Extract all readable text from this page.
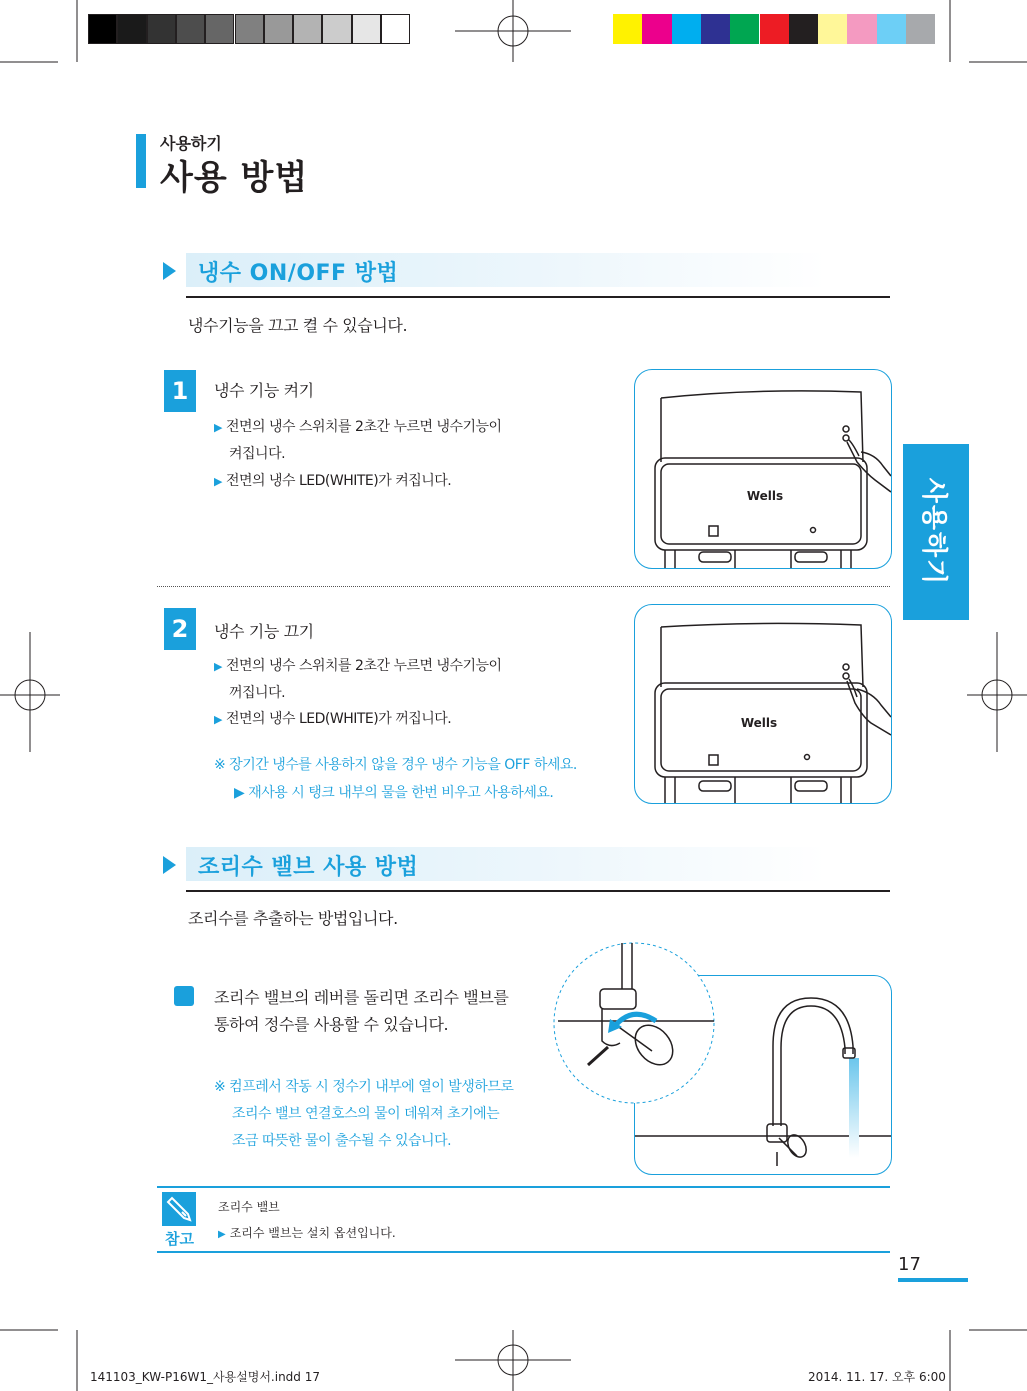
사용하기
사용 방법
사용하기
냉수 ON/OFF 방법
냉수기능을 끄고 켤 수 있습니다.
1	냉수 기능 켜기
▶ 전면의 냉수 스위치를 2초간 누르면 냉수기능이
켜집니다.
▶ 전면의 냉수 LED(WHITE)가 켜집니다.
Wells
2	냉수 기능 끄기
▶ 전면의 냉수 스위치를 2초간 누르면 냉수기능이
꺼집니다.
▶ 전면의 냉수 LED(WHITE)가 꺼집니다.
※ 장기간 냉수를 사용하지 않을 경우 냉수 기능을 OFF 하세요.
▶ 재사용 시 탱크 내부의 물을 한번 비우고 사용하세요.
Wells
조리수 밸브 사용 방법
조리수를 추출하는 방법입니다.
조리수 밸브의 레버를 돌리면 조리수 밸브를
통하여 정수를 사용할 수 있습니다.
※ 컴프레서 작동 시 정수기 내부에 열이 발생하므로
조리수 밸브 연결호스의 물이 데워져 초기에는
조금 따뜻한 물이 출수될 수 있습니다.
참고
조리수 밸브
▶ 조리수 밸브는 설치 옵션입니다.
17
141103_KW-P16W1_사용설명서.indd 17	2014. 11. 17. 오후 6:00
